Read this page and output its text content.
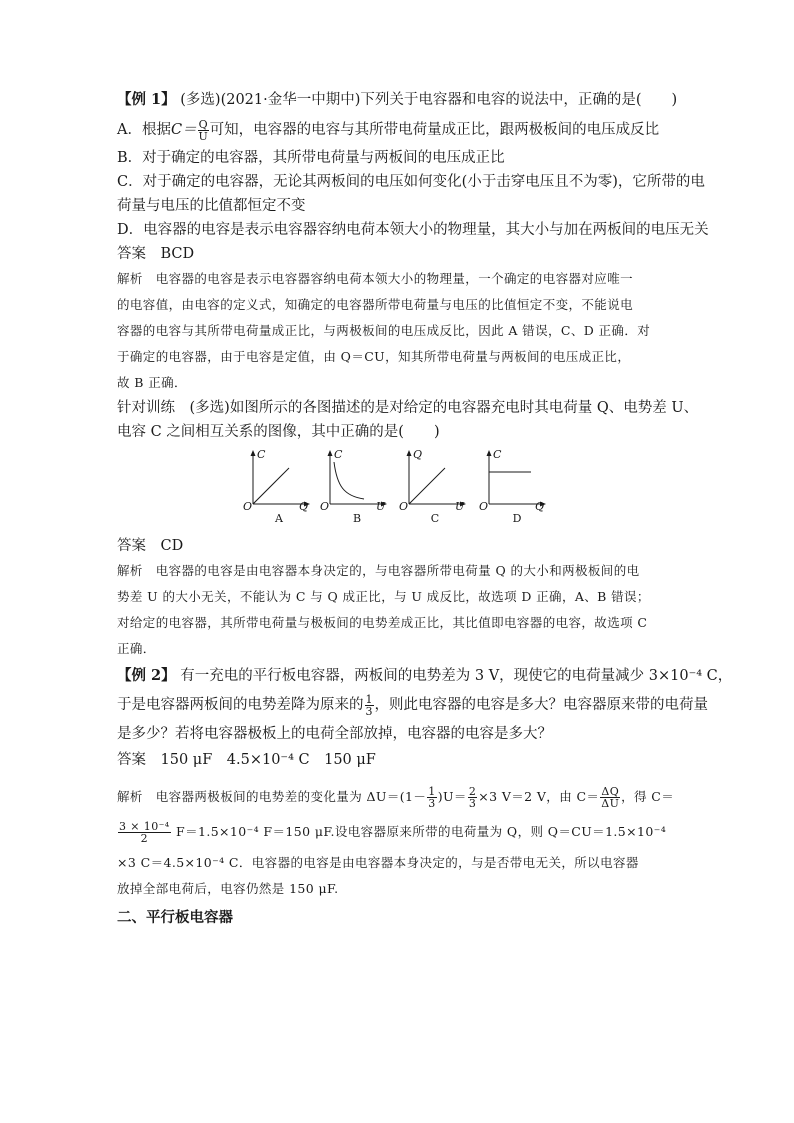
【例 1】 (多选)(2021·金华一中期中)下列关于电容器和电容的说法中，正确的是( )

A．根据$C= \frac{Q}{U}$ 可知，电容器的电容与其所带电荷量成正比，跟两极板间的电压成反比

B．对于确定的电容器，其所带电荷量与两板间的电压成正比

C．对于确定的电容器，无论其两板间的电压如何变化(小于击穿电压且不为零)，它所带的电

荷量与电压的比值都恒定不变

D．电容器的电容是表示电容器容纳电荷本领大小的物理量，其大小与加在两板间的电压无关

答案　BCD

解析　电容器的电容是表示电容器容纳电荷本领大小的物理量，一个确定的电容器对应唯一

的电容值，由电容的定义式，知确定的电容器所带电荷量与电压的比值恒定不变，不能说电

容器的电容与其所带电荷量成正比，与两极板间的电压成反比，因此 A 错误，C、D 正确．对

于确定的电容器，由于电容是定值，由 Q＝CU，知其所带电荷量与两板间的电压成正比，

故 B 正确．

针对训练　(多选)如图所示的各图描述的是对给定的电容器充电时其电荷量 Q、电势差 U、

电容 C 之间相互关系的图像，其中正确的是( )

C
O	Q
A
C
O	U
B
Q
O	U
C
C
O	Q
D

答案　CD

解析　电容器的电容是由电容器本身决定的，与电容器所带电荷量 Q 的大小和两极板间的电

势差 U 的大小无关，不能认为 C 与 Q 成正比，与 U 成反比，故选项 D 正确，A、B 错误；

对给定的电容器，其所带电荷量与极板间的电势差成正比，其比值即电容器的电容，故选项 C

正确．

【例 2】 有一充电的平行板电容器，两板间的电势差为 3 V，现使它的电荷量减少 3×10⁻⁴ C，

于是电容器两板间的电势差降为原来的 $\frac{1}{3}$ ，则此电容器的电容是多大？电容器原来带的电荷量

是多少？若将电容器极板上的电荷全部放掉，电容器的电容是多大？

答案　150 μF　4.5×10⁻⁴ C　150 μF

解析　电容器两极板间的电势差的变化量为 $\Delta U=(1- \frac{1}{3} )U= \frac{2}{3} \times 3$ V＝2 V，由 $C= \frac{\Delta Q}{\Delta U}$ ，得 C＝

$\frac{\text{3 × 10⁻⁴}}{2} F=1.5\times 10^{-4}$ F＝150 μF.设电容器原来所带的电荷量为 Q，则 Q＝CU＝1.5×10⁻⁴

×3 C＝4.5×10⁻⁴ C．电容器的电容是由电容器本身决定的，与是否带电无关，所以电容器

放掉全部电荷后，电容仍然是 150 μF.

二、平行板电容器
